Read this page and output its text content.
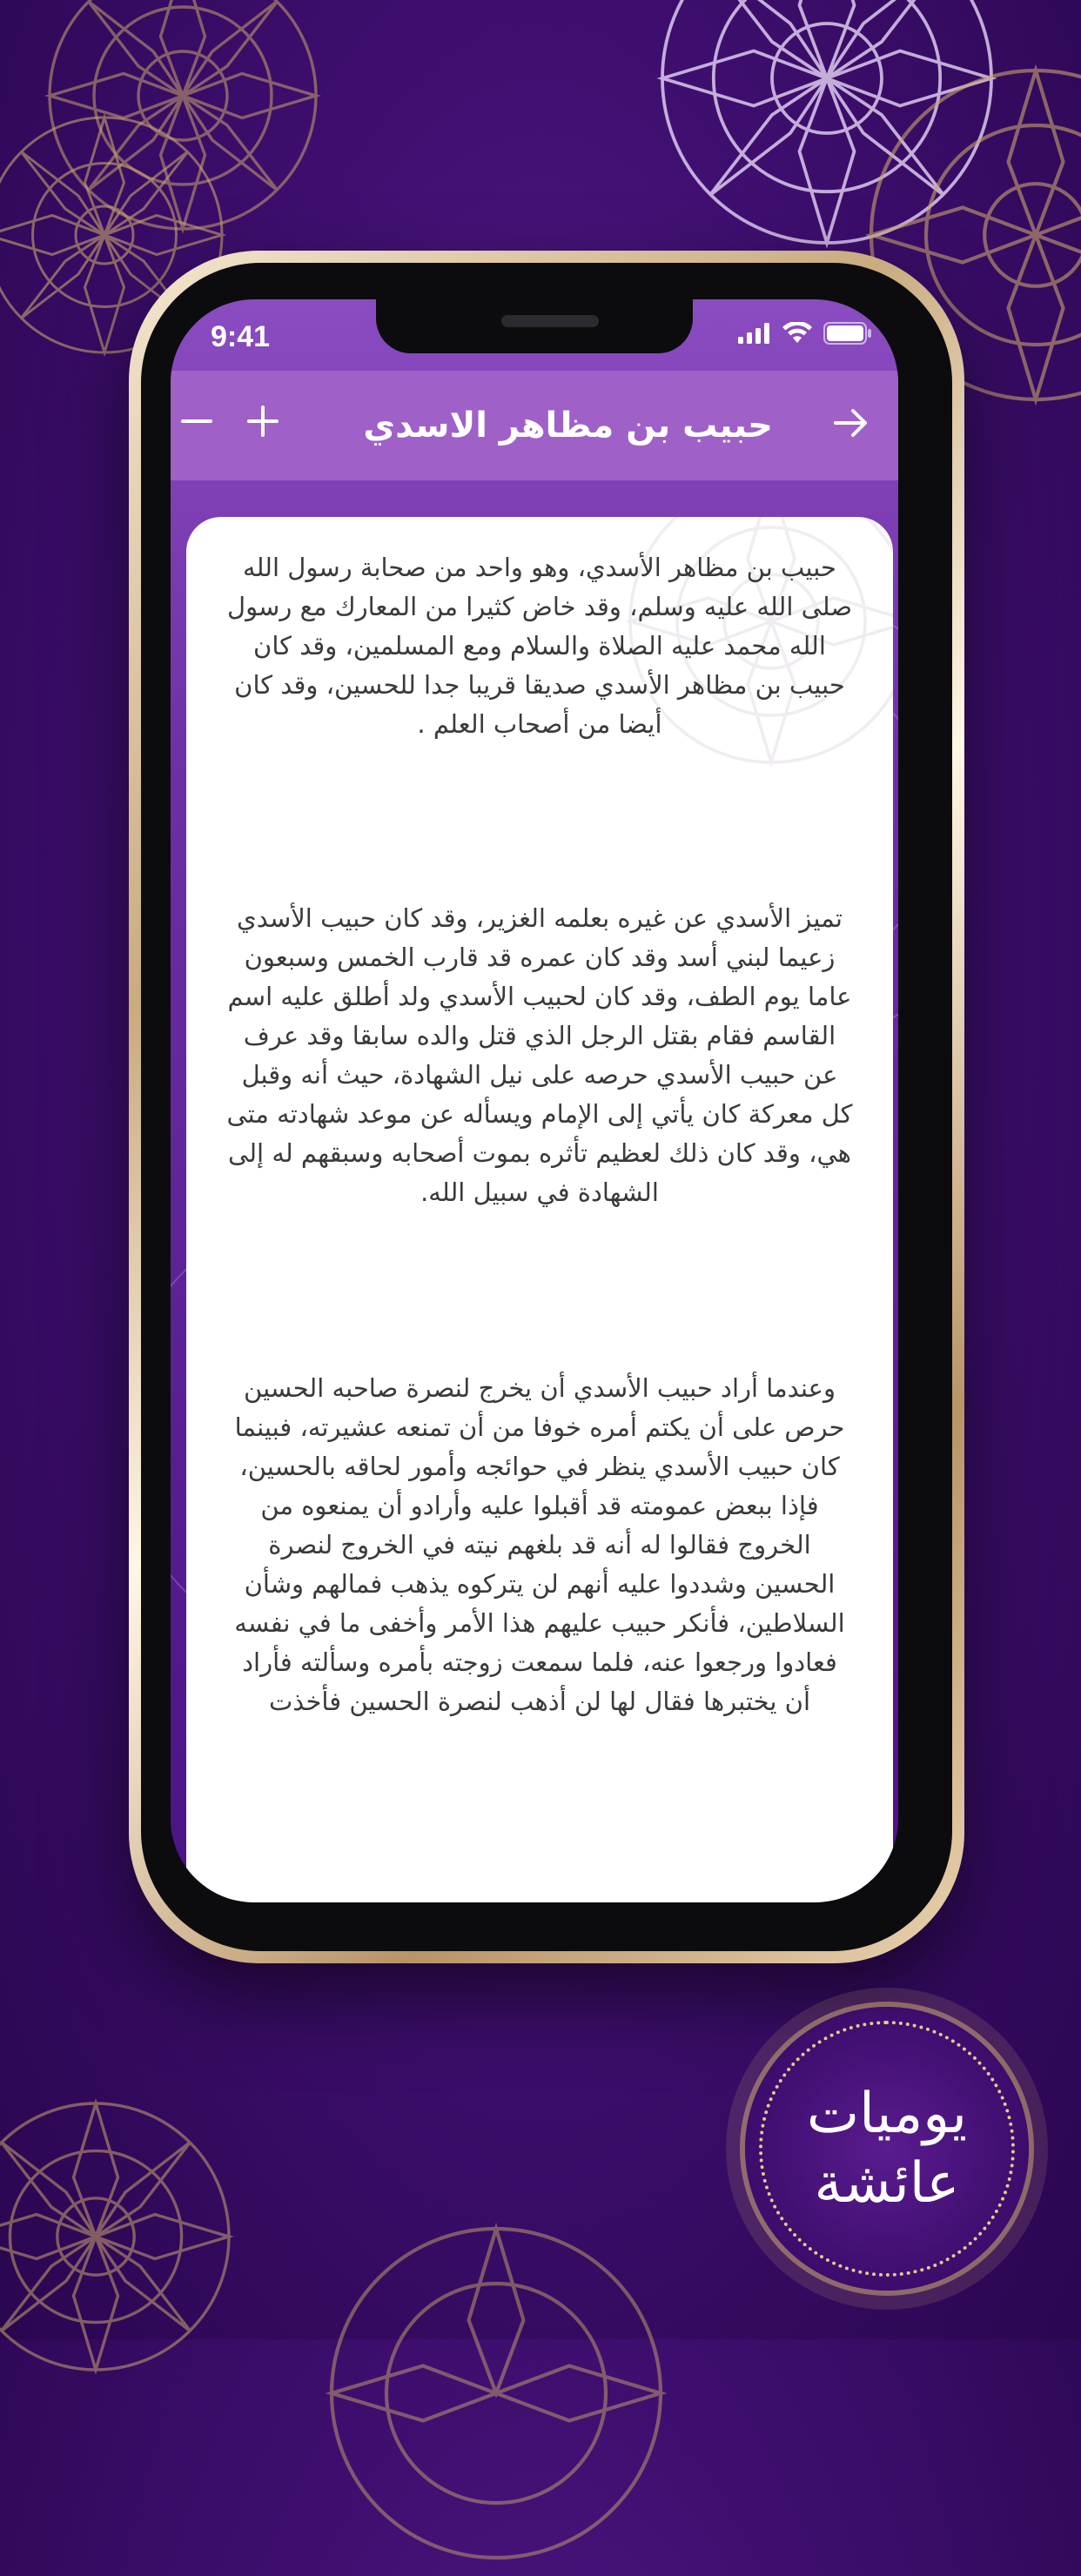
9:41
حبيب بن مظاهر الاسدي

حبيب بن مظاهر الأسدي، وهو واحد من صحابة رسول الله صلى الله عليه وسلم، وقد خاض كثيرا من المعارك مع رسول الله محمد عليه الصلاة والسلام ومع المسلمين، وقد كان حبيب بن مظاهر الأسدي صديقا قريبا جدا للحسين، وقد كان أيضا من أصحاب العلم .

تميز الأسدي عن غيره بعلمه الغزير، وقد كان حبيب الأسدي زعيما لبني أسد وقد كان عمره قد قارب الخمس وسبعون عاما يوم الطف، وقد كان لحبيب الأسدي ولد أطلق عليه اسم القاسم فقام بقتل الرجل الذي قتل والده سابقا وقد عرف عن حبيب الأسدي حرصه على نيل الشهادة، حيث أنه وقبل كل معركة كان يأتي إلى الإمام ويسأله عن موعد شهادته متى هي، وقد كان ذلك لعظيم تأثره بموت أصحابه وسبقهم له إلى الشهادة في سبيل الله.

وعندما أراد حبيب الأسدي أن يخرج لنصرة صاحبه الحسين حرص على أن يكتم أمره خوفا من أن تمنعه عشيرته، فبينما كان حبيب الأسدي ينظر في حوائجه وأمور لحاقه بالحسين، فإذا ببعض عمومته قد أقبلوا عليه وأرادو أن يمنعوه من الخروج فقالوا له أنه قد بلغهم نيته في الخروج لنصرة الحسين وشددوا عليه أنهم لن يتركوه يذهب فمالهم وشأن السلاطين، فأنكر حبيب عليهم هذا الأمر وأخفى ما في نفسه فعادوا ورجعوا عنه، فلما سمعت زوجته بأمره وسألته فأراد أن يختبرها فقال لها لن أذهب لنصرة الحسين فأخذت

يوميات
عائشة
